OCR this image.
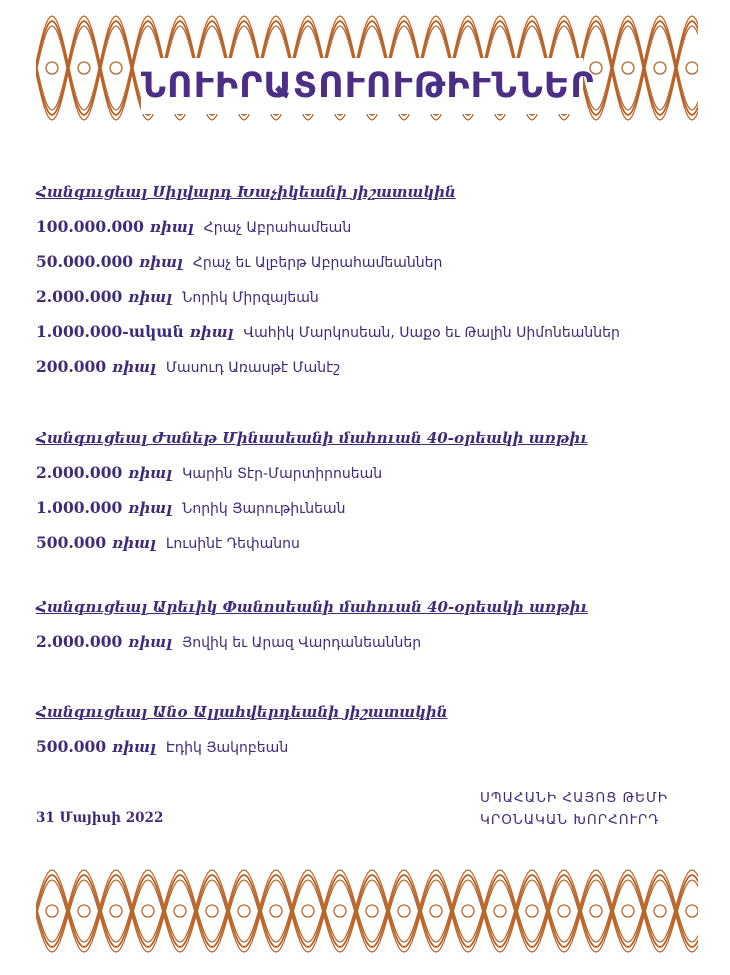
ՆՈՒԻՐԱՏՈՒՈՒԹԻՒՆՆԵՐ
Հանգուցեալ Սիլվարդ Խաչիկեանի յիշատակին
100.000.000 ռիալ Հրաչ Աբրահամեան
50.000.000 ռիալ Հրաչ եւ Ալբերթ Աբրահամեաններ
2.000.000 ռիալ Նորիկ Միրզայեան
1.000.000-ական ռիալ Վահիկ Մարկոսեան, Սաքօ եւ Թալին Սիմոնեաններ
200.000 ռիալ Մասուդ Առասթէ Մանէշ
Հանգուցեալ Ժանեթ Մինասեանի մահուան 40-օրեակի առթիւ
2.000.000 ռիալ Կարին Տէր-Մարտիրոսեան
1.000.000 ռիալ Նորիկ Յարութիւնեան
500.000 ռիալ Լուսինէ Դեփանոս
Հանգուցեալ Արեւիկ Փանոսեանի մահուան 40-օրեակի առթիւ
2.000.000 ռիալ Յովիկ եւ Արազ Վարդանեաններ
Հանգուցեալ Անօ Ալլահվերդեանի յիշատակին
500.000 ռիալ Էդիկ Յակոբեան
31 Մայիսի 2022
ՍՊԱՀԱՆԻ ՀԱՅՈՑ ԹԵՄԻ
ԿՐՕՆԱԿԱՆ ԽՈՐՀՈՒՐԴ
